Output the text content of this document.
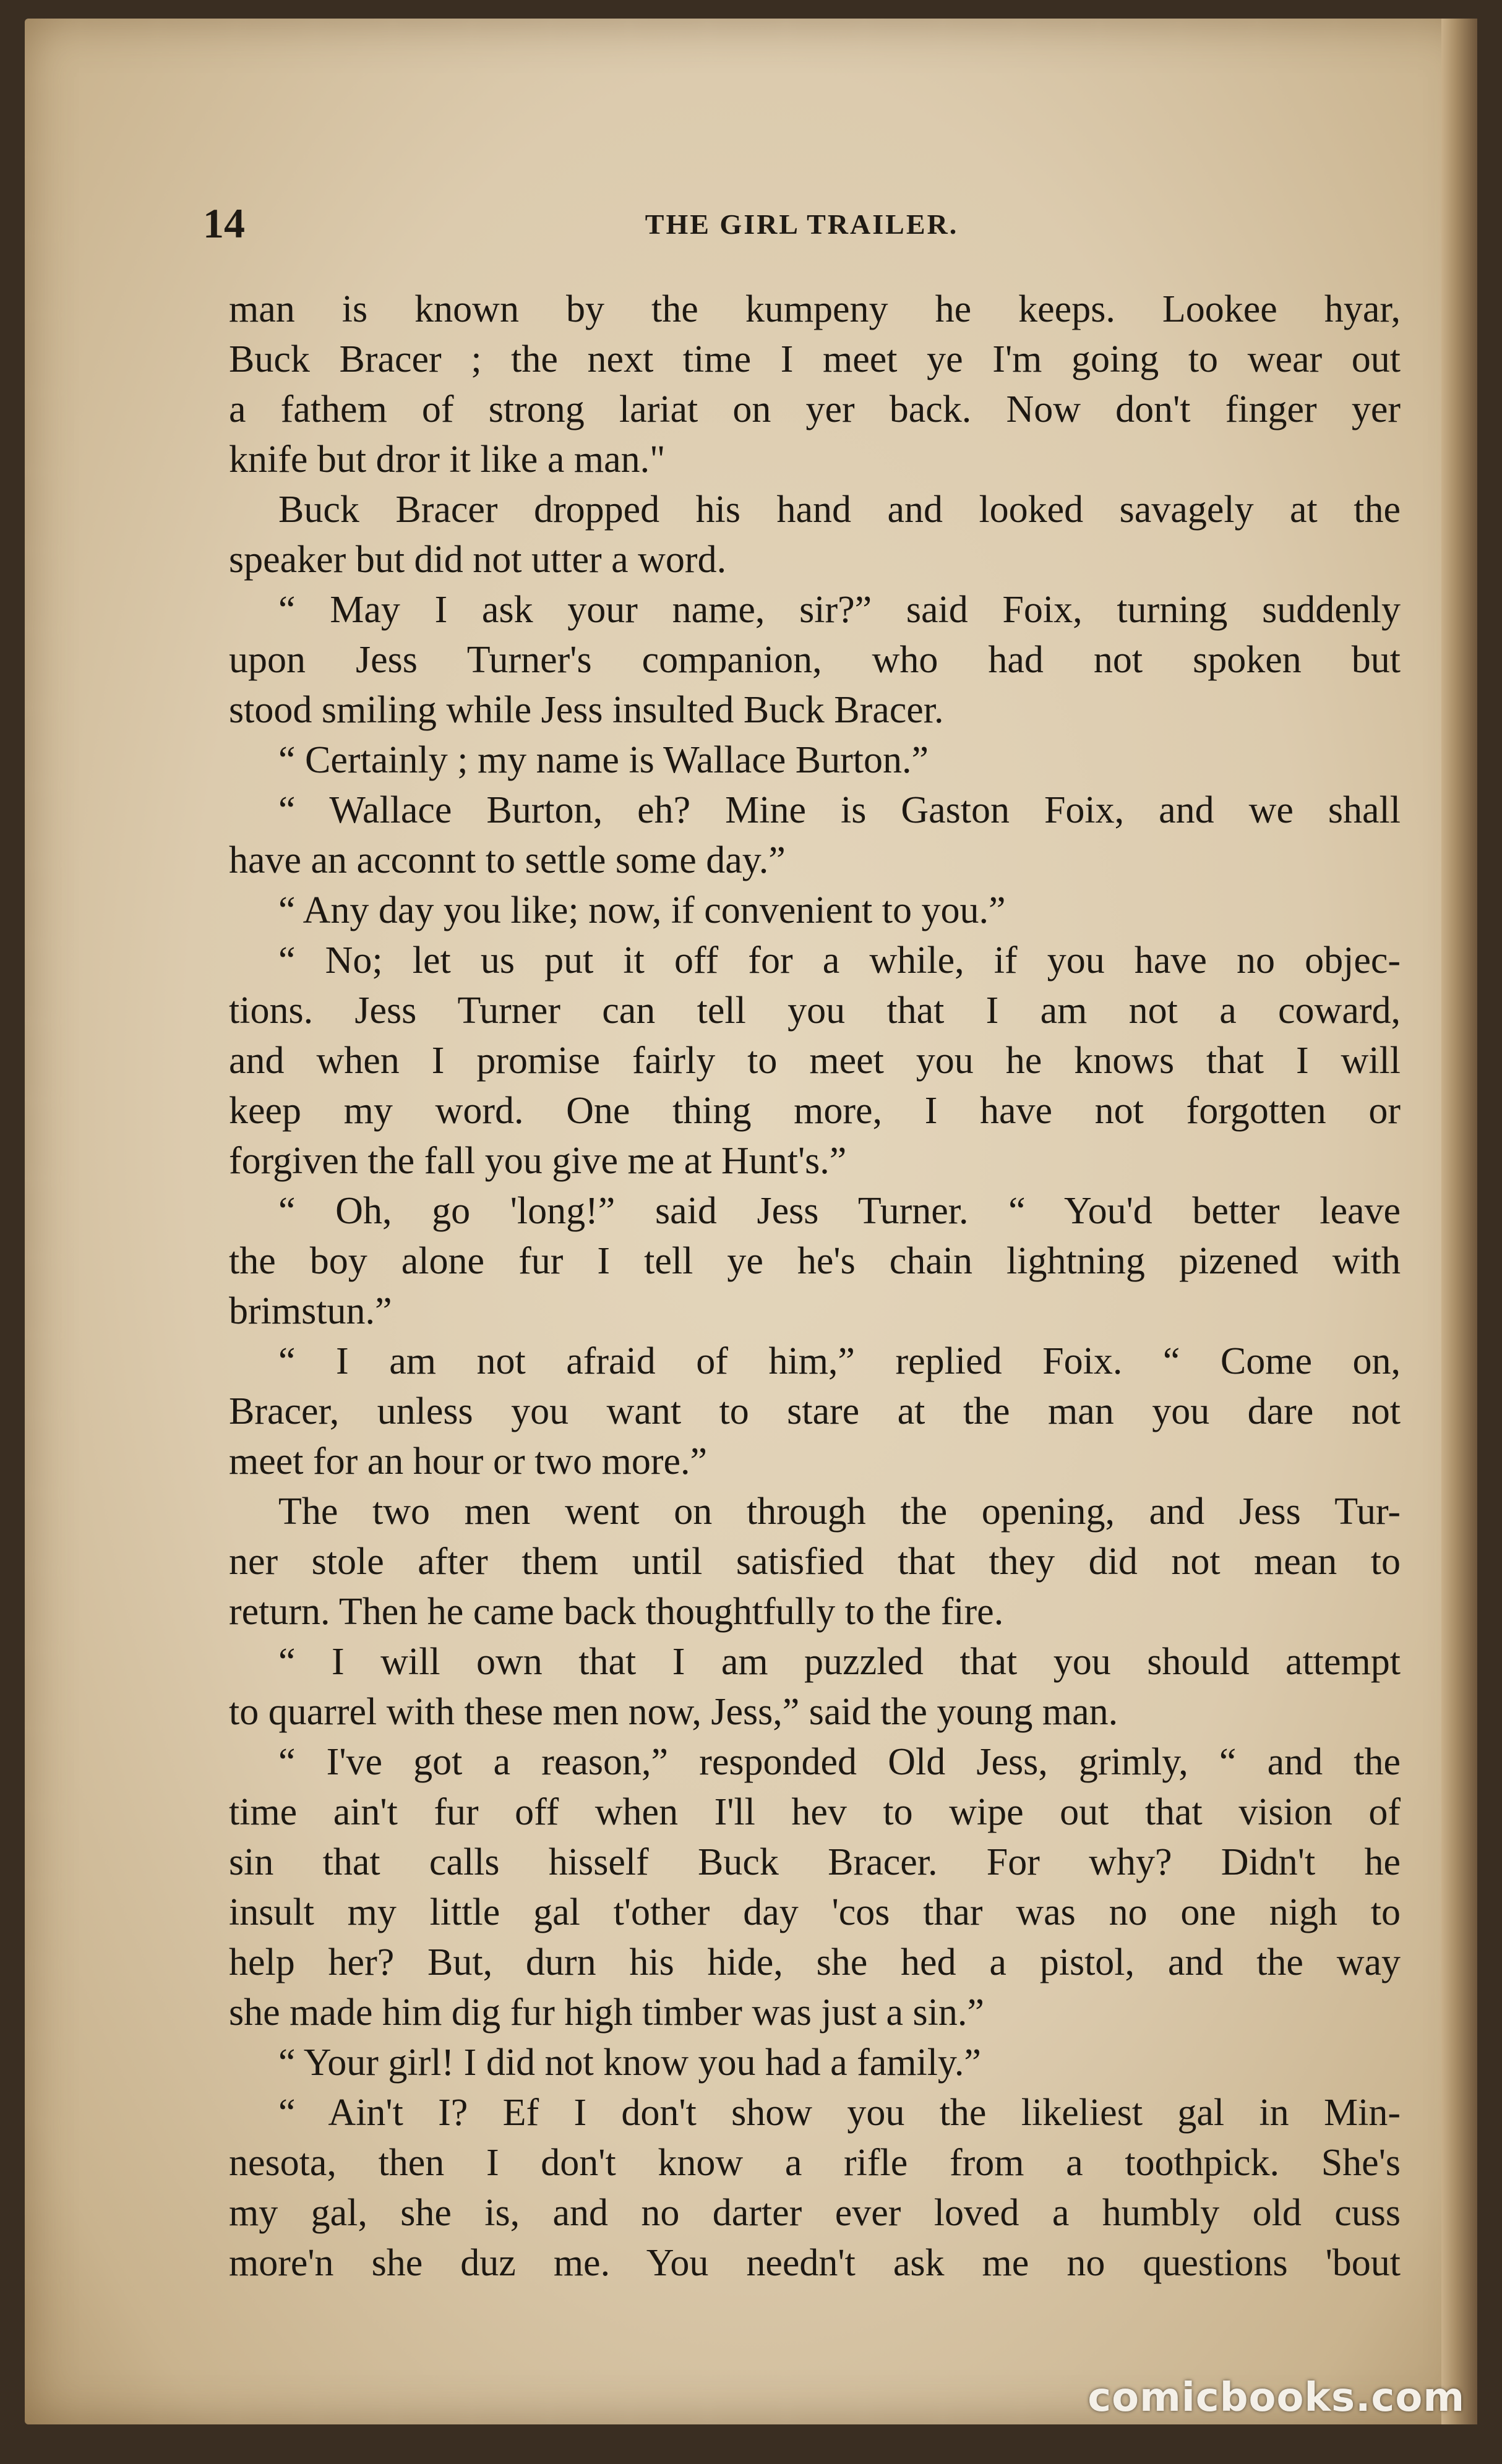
14	THE GIRL TRAILER.
man is known by the kumpeny he keeps. Lookee hyar,
Buck Bracer ; the next time I meet ye I'm going to wear out
a fathem of strong lariat on yer back. Now don't finger yer
knife but dror it like a man."
Buck Bracer dropped his hand and looked savagely at the
speaker but did not utter a word.
“ May I ask your name, sir?” said Foix, turning suddenly
upon Jess Turner's companion, who had not spoken but
stood smiling while Jess insulted Buck Bracer.
“ Certainly ; my name is Wallace Burton.”
“ Wallace Burton, eh? Mine is Gaston Foix, and we shall
have an acconnt to settle some day.”
“ Any day you like; now, if convenient to you.”
“ No; let us put it off for a while, if you have no objec-
tions. Jess Turner can tell you that I am not a coward,
and when I promise fairly to meet you he knows that I will
keep my word. One thing more, I have not forgotten or
forgiven the fall you give me at Hunt's.”
“ Oh, go 'long!” said Jess Turner. “ You'd better leave
the boy alone fur I tell ye he's chain lightning pizened with
brimstun.”
“ I am not afraid of him,” replied Foix. “ Come on,
Bracer, unless you want to stare at the man you dare not
meet for an hour or two more.”
The two men went on through the opening, and Jess Tur-
ner stole after them until satisfied that they did not mean to
return. Then he came back thoughtfully to the fire.
“ I will own that I am puzzled that you should attempt
to quarrel with these men now, Jess,” said the young man.
“ I've got a reason,” responded Old Jess, grimly, “ and the
time ain't fur off when I'll hev to wipe out that vision of
sin that calls hisself Buck Bracer. For why? Didn't he
insult my little gal t'other day 'cos thar was no one nigh to
help her? But, durn his hide, she hed a pistol, and the way
she made him dig fur high timber was just a sin.”
“ Your girl! I did not know you had a family.”
“ Ain't I? Ef I don't show you the likeliest gal in Min-
nesota, then I don't know a rifle from a toothpick. She's
my gal, she is, and no darter ever loved a humbly old cuss
more'n she duz me. You needn't ask me no questions 'bout
comicbooks.com
